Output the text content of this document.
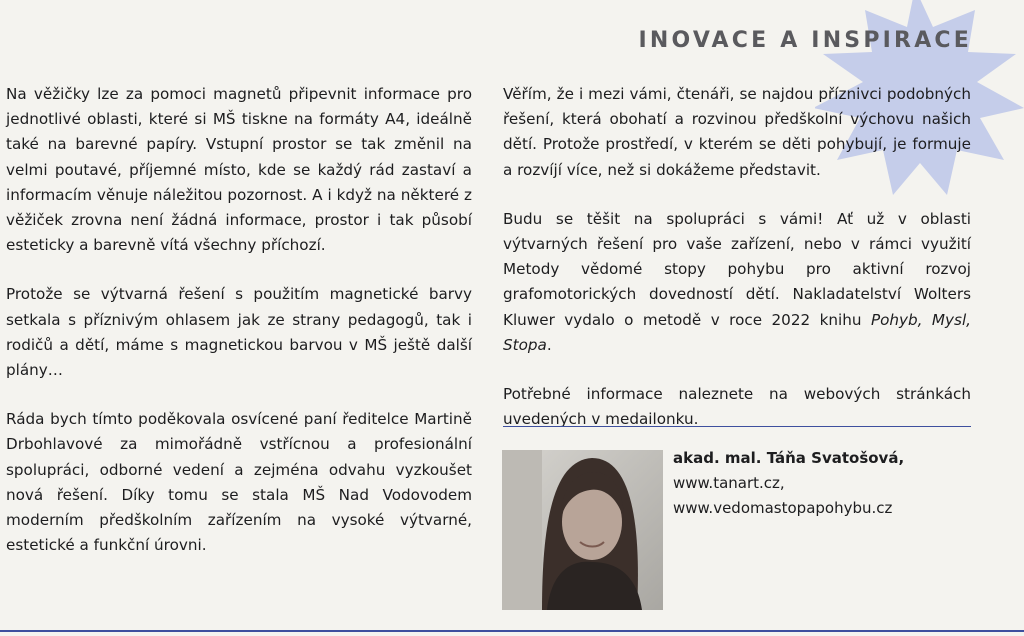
INOVACE A INSPIRACE

Na věžičky lze za pomoci magnetů připevnit informace pro jednotlivé oblasti, které si MŠ tiskne na formáty A4, ideálně také na barevné papíry. Vstupní prostor se tak změnil na velmi poutavé, příjemné místo, kde se každý rád zastaví a informacím věnuje náležitou pozornost. A i když na některé z věžiček zrovna není žádná informace, prostor i tak působí esteticky a barevně vítá všechny příchozí.

Protože se výtvarná řešení s použitím magnetické barvy setkala s příznivým ohlasem jak ze strany pedagogů, tak i rodičů a dětí, máme s magnetickou barvou v MŠ ještě další plány…

Ráda bych tímto poděkovala osvícené paní ředitelce Martině Drbohlavové za mimořádně vstřícnou a profesionální spolupráci, odborné vedení a zejména odvahu vyzkoušet nová řešení. Díky tomu se stala MŠ Nad Vodovodem moderním předškolním zařízením na vysoké výtvarné, estetické a funkční úrovni.

Věřím, že i mezi vámi, čtenáři, se najdou příznivci podobných řešení, která obohatí a rozvinou předškolní výchovu našich dětí. Protože prostředí, v kterém se děti pohybují, je formuje a rozvíjí více, než si dokážeme představit.

Budu se těšit na spolupráci s vámi! Ať už v oblasti výtvarných řešení pro vaše zařízení, nebo v rámci využití Metody vědomé stopy pohybu pro aktivní rozvoj grafomotorických dovedností dětí. Nakladatelství Wolters Kluwer vydalo o metodě v roce 2022 knihu Pohyb, Mysl, Stopa.

Potřebné informace naleznete na webových stránkách uvedených v medailonku.

akad. mal. Táňa Svatošová,
www.tanart.cz,
www.vedomastopapohybu.cz
